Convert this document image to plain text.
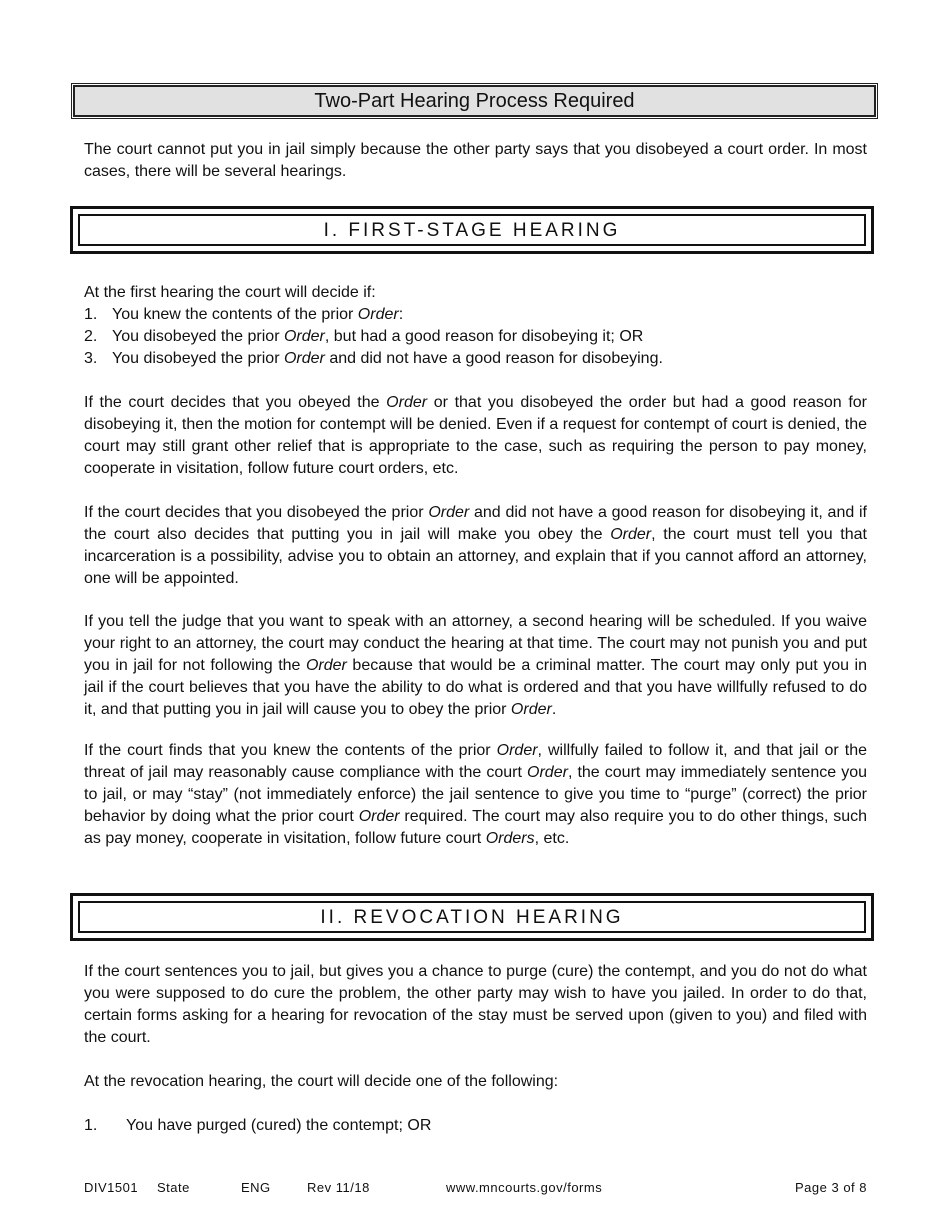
Two-Part Hearing Process Required

The court cannot put you in jail simply because the other party says that you disobeyed a court order. In most cases, there will be several hearings.

I. FIRST-STAGE HEARING
At the first hearing the court will decide if:
1. You knew the contents of the prior Order:
2. You disobeyed the prior Order, but had a good reason for disobeying it; OR
3. You disobeyed the prior Order and did not have a good reason for disobeying.

If the court decides that you obeyed the Order or that you disobeyed the order but had a good reason for disobeying it, then the motion for contempt will be denied. Even if a request for contempt of court is denied, the court may still grant other relief that is appropriate to the case, such as requiring the person to pay money, cooperate in visitation, follow future court orders, etc.

If the court decides that you disobeyed the prior Order and did not have a good reason for disobeying it, and if the court also decides that putting you in jail will make you obey the Order, the court must tell you that incarceration is a possibility, advise you to obtain an attorney, and explain that if you cannot afford an attorney, one will be appointed.

If you tell the judge that you want to speak with an attorney, a second hearing will be scheduled. If you waive your right to an attorney, the court may conduct the hearing at that time. The court may not punish you and put you in jail for not following the Order because that would be a criminal matter. The court may only put you in jail if the court believes that you have the ability to do what is ordered and that you have willfully refused to do it, and that putting you in jail will cause you to obey the prior Order.

If the court finds that you knew the contents of the prior Order, willfully failed to follow it, and that jail or the threat of jail may reasonably cause compliance with the court Order, the court may immediately sentence you to jail, or may “stay” (not immediately enforce) the jail sentence to give you time to “purge” (correct) the prior behavior by doing what the prior court Order required. The court may also require you to do other things, such as pay money, cooperate in visitation, follow future court Orders, etc.

II. REVOCATION HEARING

If the court sentences you to jail, but gives you a chance to purge (cure) the contempt, and you do not do what you were supposed to do cure the problem, the other party may wish to have you jailed. In order to do that, certain forms asking for a hearing for revocation of the stay must be served upon (given to you) and filed with the court.

At the revocation hearing, the court will decide one of the following:

1. You have purged (cured) the contempt; OR

DIV1501 State	ENG	Rev 11/18	www.mncourts.gov/forms	Page 3 of 8
